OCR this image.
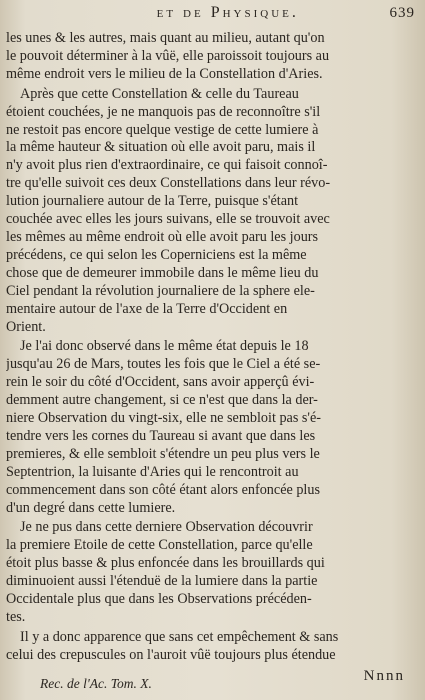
et de Physique.	639

les unes & les autres, mais quant au milieu, autant qu'on
le pouvoit déterminer à la vûë, elle paroissoit toujours au
même endroit vers le milieu de la Constellation d'Aries.

Après que cette Constellation & celle du Taureau
étoient couchées, je ne manquois pas de reconnoître s'il
ne restoit pas encore quelque vestige de cette lumiere à
la même hauteur & situation où elle avoit paru, mais il
n'y avoit plus rien d'extraordinaire, ce qui faisoit connoî-
tre qu'elle suivoit ces deux Constellations dans leur révo-
lution journaliere autour de la Terre, puisque s'étant
couchée avec elles les jours suivans, elle se trouvoit avec
les mêmes au même endroit où elle avoit paru les jours
précédens, ce qui selon les Coperniciens est la même
chose que de demeurer immobile dans le même lieu du
Ciel pendant la révolution journaliere de la sphere ele-
mentaire autour de l'axe de la Terre d'Occident en
Orient.

Je l'ai donc observé dans le même état depuis le 18
jusqu'au 26 de Mars, toutes les fois que le Ciel a été se-
rein le soir du côté d'Occident, sans avoir apperçû évi-
demment autre changement, si ce n'est que dans la der-
niere Observation du vingt-six, elle ne sembloit pas s'é-
tendre vers les cornes du Taureau si avant que dans les
premieres, & elle sembloit s'étendre un peu plus vers le
Septentrion, la luisante d'Aries qui le rencontroit au
commencement dans son côté étant alors enfoncée plus
d'un degré dans cette lumiere.

Je ne pus dans cette derniere Observation découvrir
la premiere Etoile de cette Constellation, parce qu'elle
étoit plus basse & plus enfoncée dans les brouillards qui
diminuoient aussi l'étenduë de la lumiere dans la partie
Occidentale plus que dans les Observations précéden-
tes.

Il y a donc apparence que sans cet empêchement & sans
celui des crepuscules on l'auroit vûë toujours plus étendue

Rec. de l'Ac. Tom. X.	Nnnn
